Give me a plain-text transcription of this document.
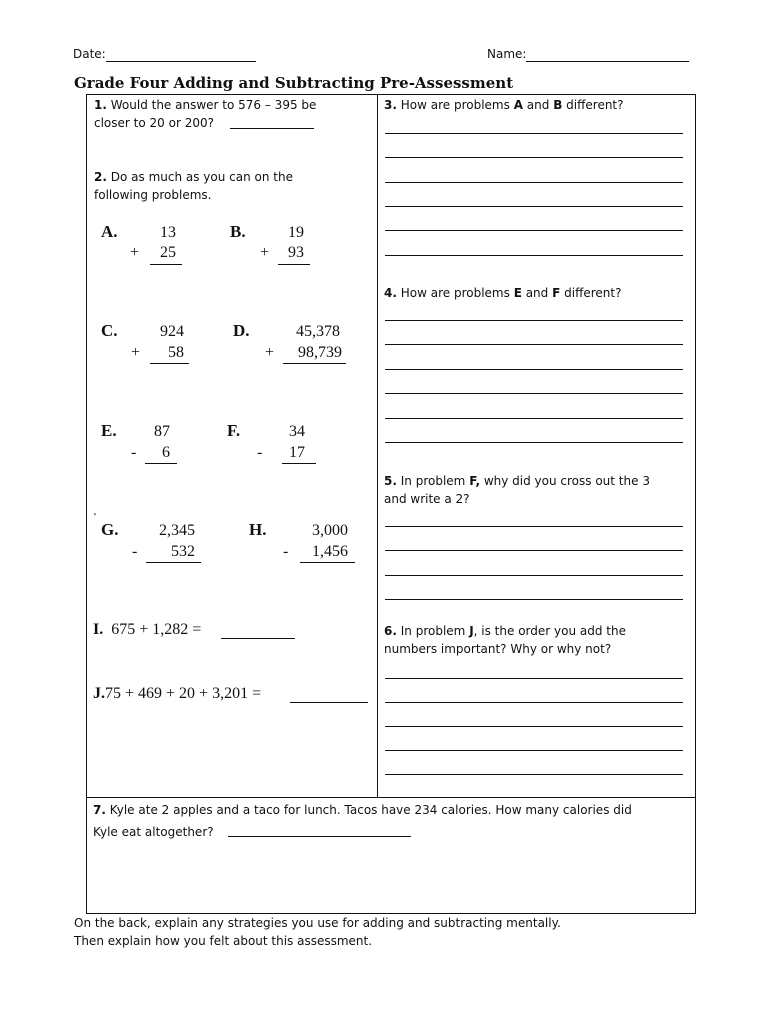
Date:	Name:
Grade Four Adding and Subtracting Pre-Assessment
1. Would the answer to 576 – 395 be
closer to 20 or 200?
2. Do as much as you can on the
following problems.
A.	13
+	25
B.	19
+	93
C.	924
+	58
D.	45,378
+	98,739
E.	87
-	6
F.	34
-	17
.
G.	2,345
-	532
H.	3,000
-	1,456
I. 675 + 1,282 =
J.75 + 469 + 20 + 3,201 =
3. How are problems A and B different?
4. How are problems E and F different?
5. In problem F, why did you cross out the 3
and write a 2?
6. In problem J, is the order you add the
numbers important? Why or why not?
7. Kyle ate 2 apples and a taco for lunch. Tacos have 234 calories. How many calories did
Kyle eat altogether?
On the back, explain any strategies you use for adding and subtracting mentally.
Then explain how you felt about this assessment.
